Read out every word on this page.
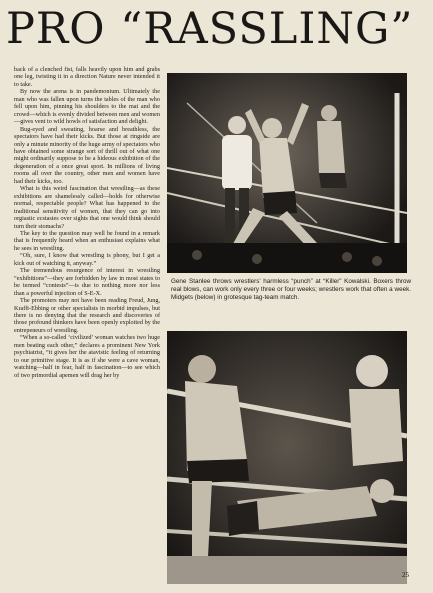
PRO “RASSLING”

back of a clenched fist, falls heavily upon him and grabs one leg, twisting it in a direction Nature never intended it to take.

By now the arena is in pandemonium. Ultimately the man who was fallen upon turns the tables of the man who fell upon him, pinning his shoulders to the mat and the crowd—which is evenly divided between men and women—gives vent to wild howls of satisfaction and delight.

Bug-eyed and sweating, hoarse and breathless, the spectators have had their kicks. But those at ringside are only a minute minority of the huge army of spectators who have obtained some strange sort of thrill out of what one might ordinarily suppose to be a hideous exhibition of the degeneration of a once great sport. In millions of living rooms all over the country, other men and women have had their kicks, too.

What is this weird fascination that wrestling—as these exhibitions are shamelessly called—holds for otherwise normal, respectable people? What has happened to the traditional sensitivity of women, that they can go into orgiastic ecstasies over sights that one would think should turn their stomachs?

The key to the question may well be found in a remark that is frequently heard when an enthusiast explains what he sees in wrestling.

“Oh, sure, I know that wrestling is phony, but I get a kick out of watching it, anyway.”

The tremendous resurgence of interest in wrestling “exhibitions”—they are forbidden by law in most states to be termed “contests”—is due to nothing more nor less than a powerful injection of S-E-X.

The promoters may not have been reading Freud, Jung, Krafft-Ebbing or other specialists in morbid impulses, but there is no denying that the research and discoveries of those profound thinkers have been openly exploited by the entrepeneurs of wrestling.

“When a so-called ‘civilized’ woman watches two huge men beating each other,” declares a prominent New York psychiatrist, “it gives her the atavistic feeling of returning to our primitive stage. It is as if she were a cave woman, watching—half in fear, half in fascination—to see which of two primordial apemen will drag her by

Gene Stanlee throws wrestlers’ harmless “punch” at “Killer” Kowalski. Boxers throw real blows, can work only every three or four weeks; wrestlers work that often a week. Midgets (below) in grotesque tag-team match.
25
